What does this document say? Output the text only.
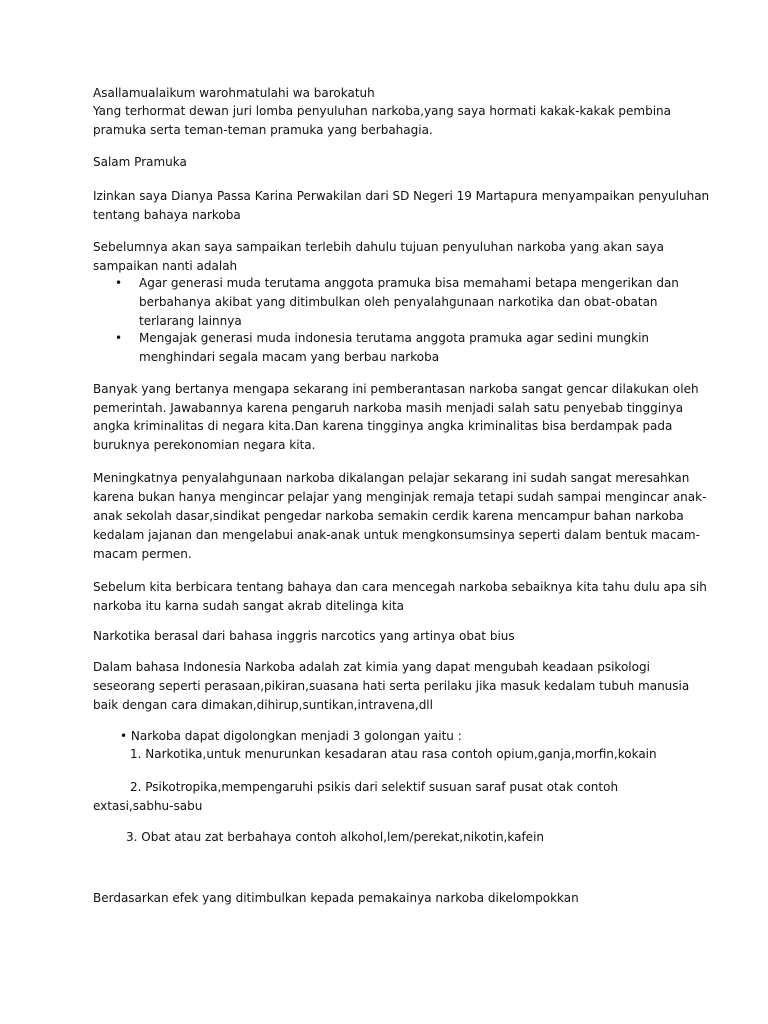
Asallamualaikum warohmatulahi wa barokatuh
Yang terhormat dewan juri lomba penyuluhan narkoba,yang saya hormati kakak-kakak pembina
pramuka serta teman-teman pramuka yang berbahagia.
Salam Pramuka
Izinkan saya Dianya Passa Karina Perwakilan dari SD Negeri 19 Martapura menyampaikan penyuluhan
tentang bahaya narkoba
Sebelumnya akan saya sampaikan terlebih dahulu tujuan penyuluhan narkoba yang akan saya
sampaikan nanti adalah
• Agar generasi muda terutama anggota pramuka bisa memahami betapa mengerikan dan
berbahanya akibat yang ditimbulkan oleh penyalahgunaan narkotika dan obat-obatan
terlarang lainnya
• Mengajak generasi muda indonesia terutama anggota pramuka agar sedini mungkin
menghindari segala macam yang berbau narkoba
Banyak yang bertanya mengapa sekarang ini pemberantasan narkoba sangat gencar dilakukan oleh
pemerintah. Jawabannya karena pengaruh narkoba masih menjadi salah satu penyebab tingginya
angka kriminalitas di negara kita.Dan karena tingginya angka kriminalitas bisa berdampak pada
buruknya perekonomian negara kita.
Meningkatnya penyalahgunaan narkoba dikalangan pelajar sekarang ini sudah sangat meresahkan
karena bukan hanya mengincar pelajar yang menginjak remaja tetapi sudah sampai mengincar anak-
anak sekolah dasar,sindikat pengedar narkoba semakin cerdik karena mencampur bahan narkoba
kedalam jajanan dan mengelabui anak-anak untuk mengkonsumsinya seperti dalam bentuk macam-
macam permen.
Sebelum kita berbicara tentang bahaya dan cara mencegah narkoba sebaiknya kita tahu dulu apa sih
narkoba itu karna sudah sangat akrab ditelinga kita
Narkotika berasal dari bahasa inggris narcotics yang artinya obat bius
Dalam bahasa Indonesia Narkoba adalah zat kimia yang dapat mengubah keadaan psikologi
seseorang seperti perasaan,pikiran,suasana hati serta perilaku jika masuk kedalam tubuh manusia
baik dengan cara dimakan,dihirup,suntikan,intravena,dll
• Narkoba dapat digolongkan menjadi 3 golongan yaitu :
1. Narkotika,untuk menurunkan kesadaran atau rasa contoh opium,ganja,morfin,kokain
2. Psikotropika,mempengaruhi psikis dari selektif susuan saraf pusat otak contoh
extasi,sabhu-sabu
3. Obat atau zat berbahaya contoh alkohol,lem/perekat,nikotin,kafein
Berdasarkan efek yang ditimbulkan kepada pemakainya narkoba dikelompokkan
